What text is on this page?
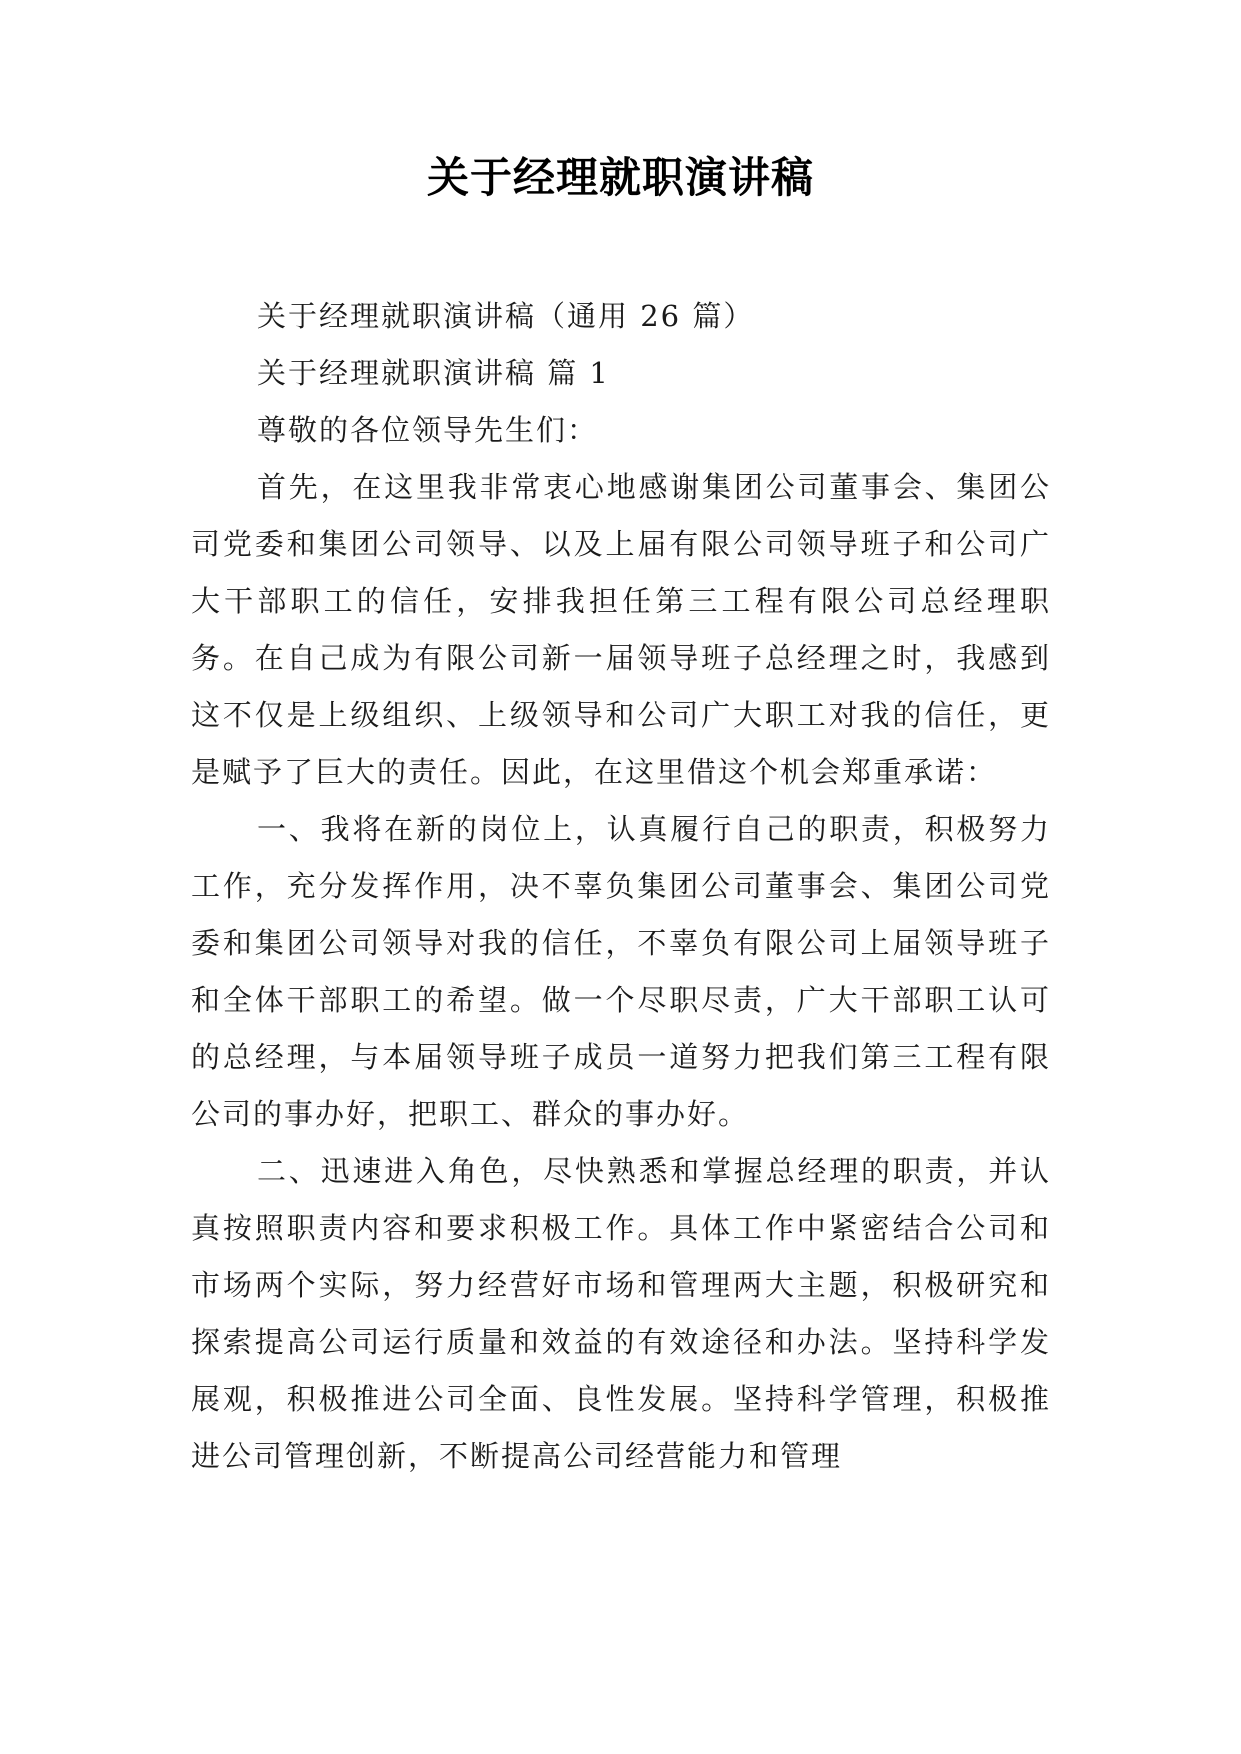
关于经理就职演讲稿

关于经理就职演讲稿（通用 26 篇）

关于经理就职演讲稿 篇 1

尊敬的各位领导先生们：

首先，在这里我非常衷心地感谢集团公司董事会、集团公司党委和集团公司领导、以及上届有限公司领导班子和公司广大干部职工的信任，安排我担任第三工程有限公司总经理职务。在自己成为有限公司新一届领导班子总经理之时，我感到这不仅是上级组织、上级领导和公司广大职工对我的信任，更是赋予了巨大的责任。因此，在这里借这个机会郑重承诺：

一、我将在新的岗位上，认真履行自己的职责，积极努力工作，充分发挥作用，决不辜负集团公司董事会、集团公司党委和集团公司领导对我的信任，不辜负有限公司上届领导班子和全体干部职工的希望。做一个尽职尽责，广大干部职工认可的总经理，与本届领导班子成员一道努力把我们第三工程有限公司的事办好，把职工、群众的事办好。

二、迅速进入角色，尽快熟悉和掌握总经理的职责，并认真按照职责内容和要求积极工作。具体工作中紧密结合公司和市场两个实际，努力经营好市场和管理两大主题，积极研究和探索提高公司运行质量和效益的有效途径和办法。坚持科学发展观，积极推进公司全面、良性发展。坚持科学管理，积极推进公司管理创新，不断提高公司经营能力和管理
